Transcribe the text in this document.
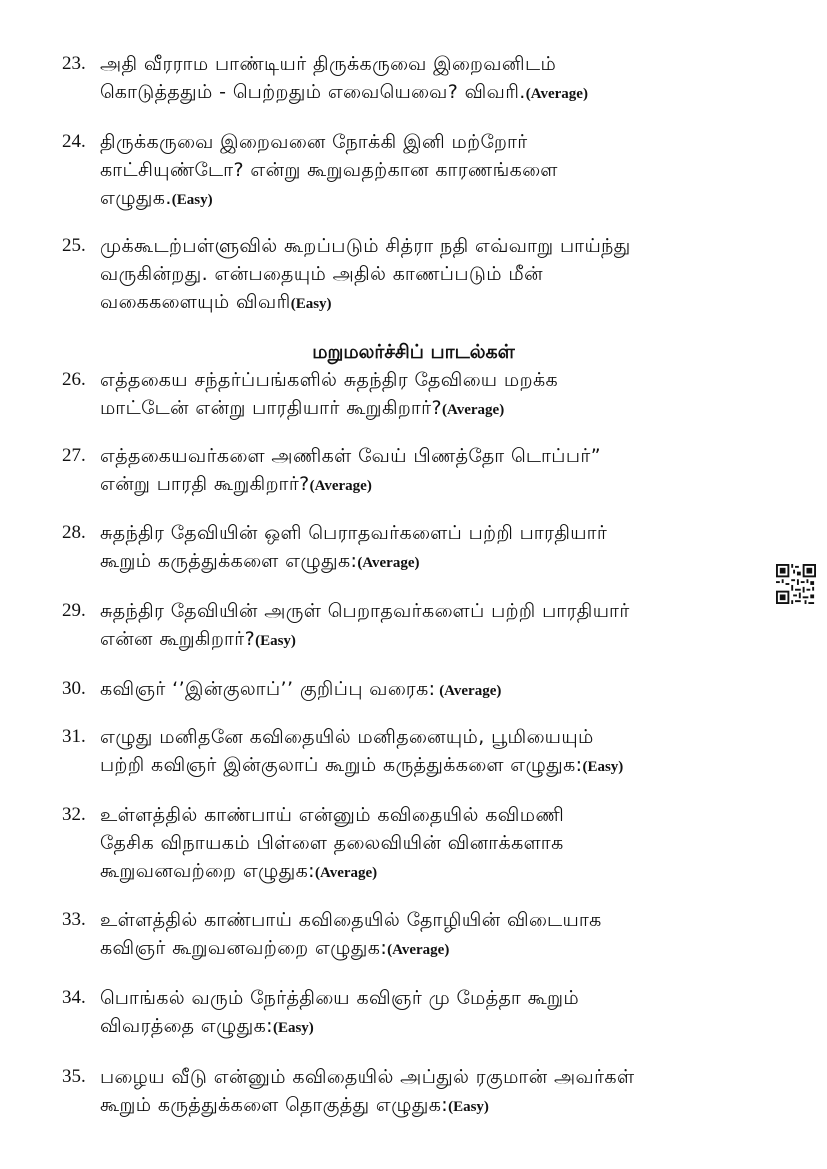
23. அதி வீரராம பாண்டியர் திருக்கருவை இறைவனிடம்
கொடுத்ததும் - பெற்றதும் எவையெவை? விவரி.(Average)
24. திருக்கருவை இறைவனை நோக்கி இனி மற்றோர்
காட்சியுண்டோ? என்று கூறுவதற்கான காரணங்களை
எழுதுக.(Easy)
25. முக்கூடற்பள்ளுவில் கூறப்படும் சித்ரா நதி எவ்வாறு பாய்ந்து
வருகின்றது. என்பதையும் அதில் காணப்படும் மீன்
வகைகளையும் விவரி(Easy)
மறுமலர்ச்சிப் பாடல்கள்
26. எத்தகைய சந்தர்ப்பங்களில் சுதந்திர தேவியை மறக்க
மாட்டேன் என்று பாரதியார் கூறுகிறார்?(Average)
27. எத்தகையவர்களை அணிகள் வேய் பிணத்தோ டொப்பர்”
என்று பாரதி கூறுகிறார்?(Average)
28. சுதந்திர தேவியின் ஒளி பெராதவர்களைப் பற்றி பாரதியார்
கூறும் கருத்துக்களை எழுதுக:(Average)
29. சுதந்திர தேவியின் அருள் பெறாதவர்களைப் பற்றி பாரதியார்
என்ன கூறுகிறார்?(Easy)
30. கவிஞர் ‘’இன்குலாப்’’ குறிப்பு வரைக: (Average)
31. எழுது மனிதனே கவிதையில் மனிதனையும், பூமியையும்
பற்றி கவிஞர் இன்குலாப் கூறும் கருத்துக்களை எழுதுக:(Easy)
32. உள்ளத்தில் காண்பாய் என்னும் கவிதையில் கவிமணி
தேசிக விநாயகம் பிள்ளை தலைவியின் வினாக்களாக
கூறுவனவற்றை எழுதுக:(Average)
33. உள்ளத்தில் காண்பாய் கவிதையில் தோழியின் விடையாக
கவிஞர் கூறுவனவற்றை எழுதுக:(Average)
34. பொங்கல் வரும் நேர்த்தியை கவிஞர் மு மேத்தா கூறும்
விவரத்தை எழுதுக:(Easy)
35. பழைய வீடு என்னும் கவிதையில் அப்துல் ரகுமான் அவர்கள்
கூறும் கருத்துக்களை தொகுத்து எழுதுக:(Easy)
